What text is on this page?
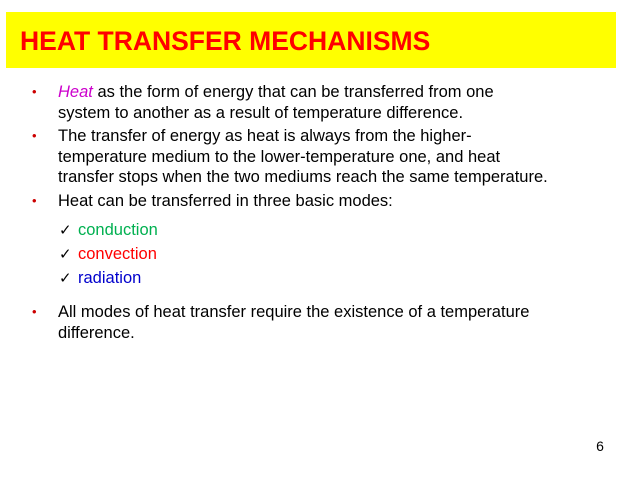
HEAT TRANSFER MECHANISMS
• Heat as the form of energy that can be transferred from one
system to another as a result of temperature difference.
• The transfer of energy as heat is always from the higher-
temperature medium to the lower-temperature one, and heat
transfer stops when the two mediums reach the same temperature.
• Heat can be transferred in three basic modes:
✓ conduction
✓ convection
✓ radiation
• All modes of heat transfer require the existence of a temperature
difference.
6
